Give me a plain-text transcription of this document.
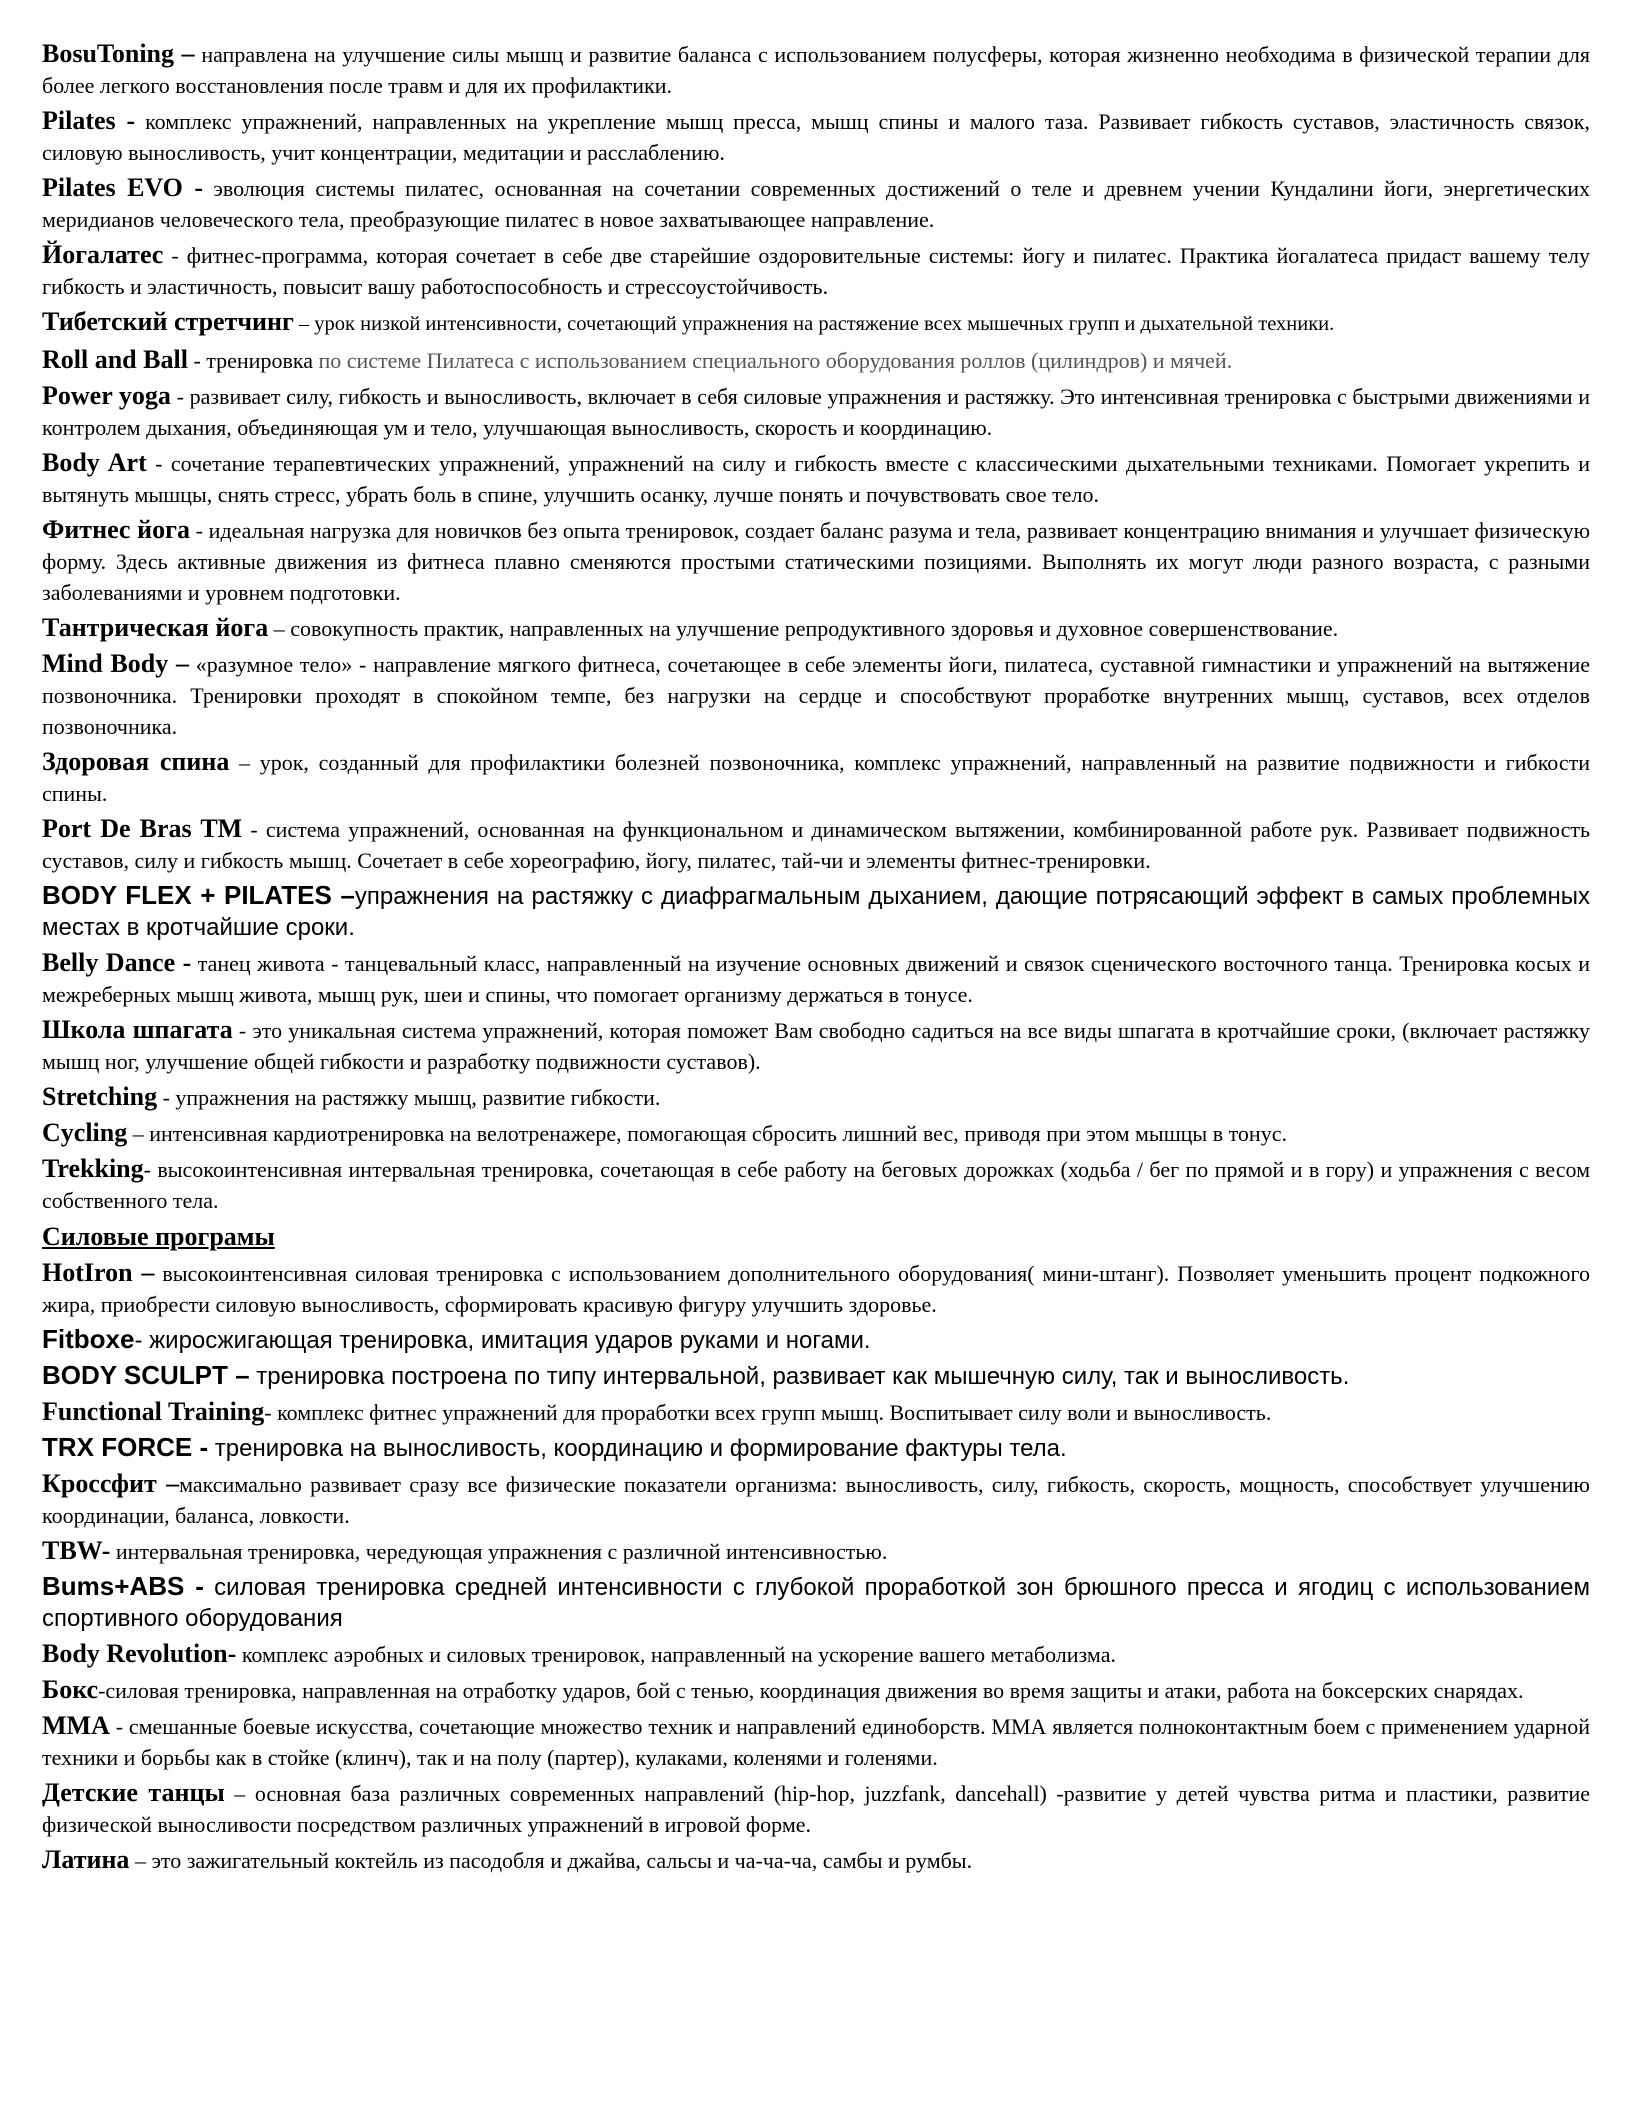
BosuToning – направлена на улучшение силы мышц и развитие баланса с использованием полусферы, которая жизненно необходима в физической терапии для более легкого восстановления после травм и для их профилактики.
Pilates - комплекс упражнений, направленных на укрепление мышц пресса, мышц спины и малого таза. Развивает гибкость суставов, эластичность связок, силовую выносливость, учит концентрации, медитации и расслаблению.
Pilates EVO - эволюция системы пилатес, основанная на сочетании современных достижений о теле и древнем учении Кундалини йоги, энергетических меридианов человеческого тела, преобразующие пилатес в новое захватывающее направление.
Йогалатес - фитнес-программа, которая сочетает в себе две старейшие оздоровительные системы: йогу и пилатес. Практика йогалатеса придаст вашему телу гибкость и эластичность, повысит вашу работоспособность и стрессоустойчивость.
Тибетский стретчинг – урок низкой интенсивности, сочетающий упражнения на растяжение всех мышечных групп и дыхательной техники.
Roll and Ball - тренировка по системе Пилатеса с использованием специального оборудования роллов (цилиндров) и мячей.
Power yoga - развивает силу, гибкость и выносливость, включает в себя силовые упражнения и растяжку. Это интенсивная тренировка с быстрыми движениями и контролем дыхания, объединяющая ум и тело, улучшающая выносливость, скорость и координацию.
Body Art - сочетание терапевтических упражнений, упражнений на силу и гибкость вместе с классическими дыхательными техниками. Помогает укрепить и вытянуть мышцы, снять стресс, убрать боль в спине, улучшить осанку, лучше понять и почувствовать свое тело.
Фитнес йога - идеальная нагрузка для новичков без опыта тренировок, создает баланс разума и тела, развивает концентрацию внимания и улучшает физическую форму. Здесь активные движения из фитнеса плавно сменяются простыми статическими позициями. Выполнять их могут люди разного возраста, с разными заболеваниями и уровнем подготовки.
Тантрическая йога – совокупность практик, направленных на улучшение репродуктивного здоровья и духовное совершенствование.
Mind Body – «разумное тело» - направление мягкого фитнеса, сочетающее в себе элементы йоги, пилатеса, суставной гимнастики и упражнений на вытяжение позвоночника. Тренировки проходят в спокойном темпе, без нагрузки на сердце и способствуют проработке внутренних мышц, суставов, всех отделов позвоночника.
Здоровая спина – урок, созданный для профилактики болезней позвоночника, комплекс упражнений, направленный на развитие подвижности и гибкости спины.
Port De Bras TM - система упражнений, основанная на функциональном и динамическом вытяжении, комбинированной работе рук. Развивает подвижность суставов, силу и гибкость мышц. Сочетает в себе хореографию, йогу, пилатес, тай-чи и элементы фитнес-тренировки.
BODY FLEX + PILATES –упражнения на растяжку с диафрагмальным дыханием, дающие потрясающий эффект в самых проблемных местах в кротчайшие сроки.
Belly Dance - танец живота - танцевальный класс, направленный на изучение основных движений и связок сценического восточного танца. Тренировка косых и межреберных мышц живота, мышц рук, шеи и спины, что помогает организму держаться в тонусе.
Школа шпагата - это уникальная система упражнений, которая поможет Вам свободно садиться на все виды шпагата в кротчайшие сроки, (включает растяжку мышц ног, улучшение общей гибкости и разработку подвижности суставов).
Stretching - упражнения на растяжку мышц, развитие гибкости.
Cycling – интенсивная кардиотренировка на велотренажере, помогающая сбросить лишний вес, приводя при этом мышцы в тонус.
Trekking- высокоинтенсивная интервальная тренировка, сочетающая в себе работу на беговых дорожках (ходьба / бег по прямой и в гору) и упражнения с весом собственного тела.
Силовые програмы
HotIron – высокоинтенсивная силовая тренировка с использованием дополнительного оборудования( мини-штанг). Позволяет уменьшить процент подкожного жира, приобрести силовую выносливость, сформировать красивую фигуру улучшить здоровье.
Fitboxe- жиросжигающая тренировка, имитация ударов руками и ногами.
BODY SCULPT – тренировка построена по типу интервальной, развивает как мышечную силу, так и выносливость.
Functional Training- комплекс фитнес упражнений для проработки всех групп мышц. Воспитывает силу воли и выносливость.
TRX FORCE - тренировка на выносливость, координацию и формирование фактуры тела.
Кроссфит –максимально развивает сразу все физические показатели организма: выносливость, силу, гибкость, скорость, мощность, способствует улучшению координации, баланса, ловкости.
TBW- интервальная тренировка, чередующая упражнения с различной интенсивностью.
Bums+ABS - силовая тренировка средней интенсивности с глубокой проработкой зон брюшного пресса и ягодиц с использованием спортивного оборудования
Body Revolution- комплекс аэробных и силовых тренировок, направленный на ускорение вашего метаболизма.
Бокс-силовая тренировка, направленная на отработку ударов, бой с тенью, координация движения во время защиты и атаки, работа на боксерских снарядах.
ММА - смешанные боевые искусства, сочетающие множество техник и направлений единоборств. ММА является полноконтактным боем с применением ударной техники и борьбы как в стойке (клинч), так и на полу (партер), кулаками, коленями и голенями.
Детские танцы – основная база различных современных направлений (hip-hop, juzzfank, dancehall) -развитие у детей чувства ритма и пластики, развитие физической выносливости посредством различных упражнений в игровой форме.
Латина – это зажигательный коктейль из пасодобля и джайва, сальсы и ча-ча-ча, самбы и румбы.
